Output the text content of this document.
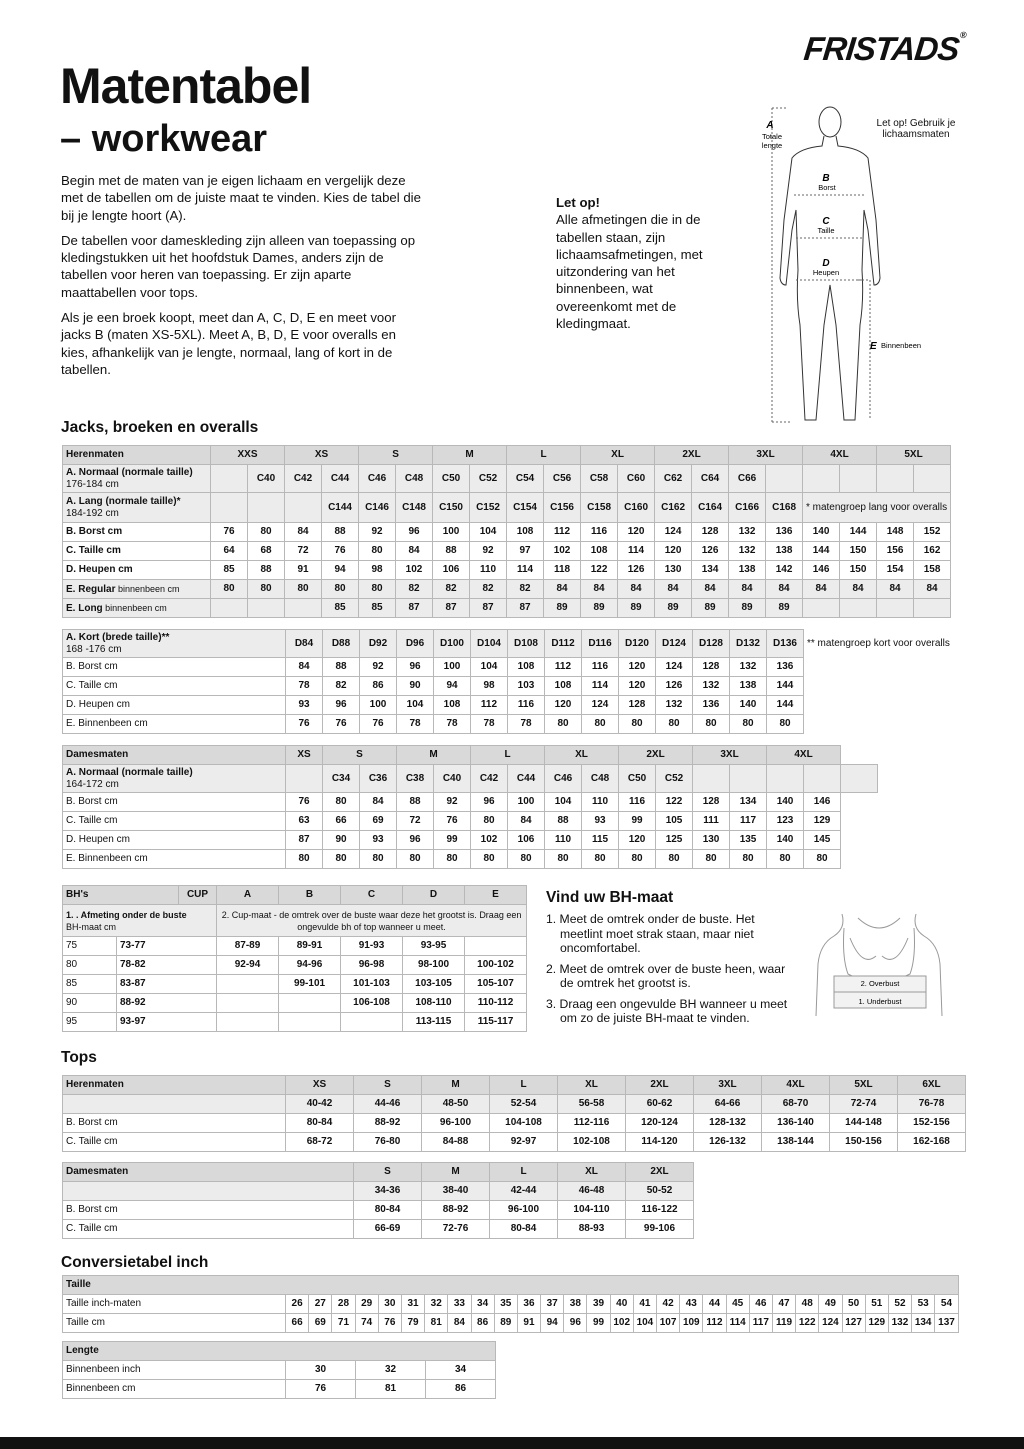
FRISTADS®
Matentabel
– workwear

Begin met de maten van je eigen lichaam en vergelijk deze met de tabellen om de juiste maat te vinden. Kies de tabel die bij je lengte hoort (A).

De tabellen voor dameskleding zijn alleen van toepassing op kledingstukken uit het hoofdstuk Dames, anders zijn de tabellen voor heren van toepassing. Er zijn aparte maattabellen voor tops.

Als je een broek koopt, meet dan A, C, D, E en meet voor jacks B (maten XS-5XL). Meet A, B, D, E voor overalls en kies, afhankelijk van je lengte, normaal, lang of kort in de tabellen.

Let op!
Alle afmetingen die in de tabellen staan, zijn lichaamsafmetingen, met uitzondering van het binnenbeen, wat overeenkomt met de kledingmaat.
Let op! Gebruik je lichaamsmaten
A
Totale
lengte
B
Borst
C
Taille
D
Heupen
E Binnenbeen
Jacks, broeken en overalls
Herenmaten	XXS		XS		S		M		L		XL		2XL		3XL		4XL		5XL	
A. Normaal (normale taille)
176-184 cm		C40	C42	C44	C46	C48	C50	C52	C54	C56	C58	C60	C62	C64	C66					
A. Lang (normale taille)*
184-192 cm				C144	C146	C148	C150	C152	C154	C156	C158	C160	C162	C164	C166	C168	* matengroep lang voor overalls			
B. Borst cm	76	80	84	88	92	96	100	104	108	112	116	120	124	128	132	136	140	144	148	152
C. Taille cm	64	68	72	76	80	84	88	92	97	102	108	114	120	126	132	138	144	150	156	162
D. Heupen cm	85	88	91	94	98	102	106	110	114	118	122	126	130	134	138	142	146	150	154	158
E. Regular binnenbeen cm	80	80	80	80	80	82	82	82	82	84	84	84	84	84	84	84	84	84	84	84
E. Long binnenbeen cm				85	85	87	87	87	87	89	89	89	89	89	89	89				
A. Kort (brede taille)**
168 -176 cm	D84	D88	D92	D96	D100	D104	D108	D112	D116	D120	D124	D128	D132	D136	** matengroep kort voor overalls
B. Borst cm	84	88	92	96	100	104	108	112	116	120	124	128	132	136	
C. Taille cm	78	82	86	90	94	98	103	108	114	120	126	132	138	144	
D. Heupen cm	93	96	100	104	108	112	116	120	124	128	132	136	140	144	
E. Binnenbeen cm	76	76	76	78	78	78	78	80	80	80	80	80	80	80	
Damesmaten	XS	S		M		L		XL		2XL		3XL		4XL		
A. Normaal (normale taille)
164-172 cm		C34	C36	C38	C40	C42	C44	C46	C48	C50	C52					
B. Borst cm	76	80	84	88	92	96	100	104	110	116	122	128	134	140	146	
C. Taille cm	63	66	69	72	76	80	84	88	93	99	105	111	117	123	129	
D. Heupen cm	87	90	93	96	99	102	106	110	115	120	125	130	135	140	145	
E. Binnenbeen cm	80	80	80	80	80	80	80	80	80	80	80	80	80	80	80	
BH's		CUP	A	B	C	D	E
1. . Afmeting onder de buste
BH-maat cm			2. Cup-maat - de omtrek over de buste waar deze het grootst is. Draag een ongevulde bh of top wanneer u meet.				
75	73-77		87-89	89-91	91-93	93-95	
80	78-82		92-94	94-96	96-98	98-100	100-102
85	83-87			99-101	101-103	103-105	105-107
90	88-92				106-108	108-110	110-112
95	93-97					113-115	115-117
Herenmaten	XS	S	M	L	XL	2XL	3XL	4XL	5XL	6XL
	40-42	44-46	48-50	52-54	56-58	60-62	64-66	68-70	72-74	76-78
B. Borst cm	80-84	88-92	96-100	104-108	112-116	120-124	128-132	136-140	144-148	152-156
C. Taille cm	68-72	76-80	84-88	92-97	102-108	114-120	126-132	138-144	150-156	162-168
Damesmaten	S	M	L	XL	2XL
	34-36	38-40	42-44	46-48	50-52
B. Borst cm	80-84	88-92	96-100	104-110	116-122
C. Taille cm	66-69	72-76	80-84	88-93	99-106
Taille																													
Taille inch-maten	26	27	28	29	30	31	32	33	34	35	36	37	38	39	40	41	42	43	44	45	46	47	48	49	50	51	52	53	54
Taille cm	66	69	71	74	76	79	81	84	86	89	91	94	96	99	102	104	107	109	112	114	117	119	122	124	127	129	132	134	137
Lengte			
Binnenbeen inch	30	32	34
Binnenbeen cm	76	81	86
Vind uw BH-maat
1. Meet de omtrek onder de buste. Het meetlint moet strak staan, maar niet oncomfortabel.
2. Meet de omtrek over de buste heen, waar de omtrek het grootst is.
3. Draag een ongevulde BH wanneer u meet om zo de juiste BH-maat te vinden.
2. Overbust
1. Underbust
Tops
Conversietabel inch
